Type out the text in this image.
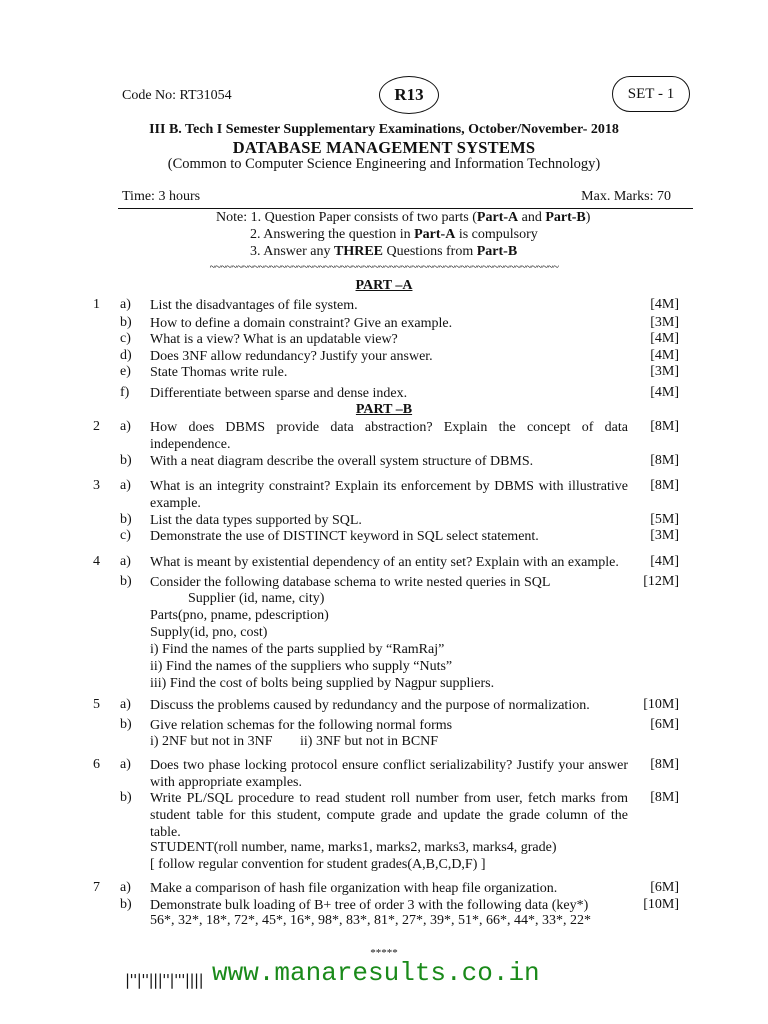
Code No: RT31054	R13	SET - 1
III B. Tech I Semester Supplementary Examinations, October/November- 2018
DATABASE MANAGEMENT SYSTEMS
(Common to Computer Science Engineering and Information Technology)
Time: 3 hours	Max. Marks: 70
Note: 1. Question Paper consists of two parts (Part-A and Part-B)
2. Answering the question in Part-A is compulsory
3. Answer any THREE Questions from Part-B
~~~~~~~~~~~~~~~~~~~~~~~~~~~~~~~~~~~~~~~~~~~~~~~~~~~~~~~~~~~~~~~~
PART –A
1 a) List the disadvantages of file system.	[4M]
b) How to define a domain constraint? Give an example.	[3M]
c) What is a view? What is an updatable view?	[4M]
d) Does 3NF allow redundancy? Justify your answer.	[4M]
e) State Thomas write rule.	[3M]
f) Differentiate between sparse and dense index.	[4M]
PART –B
2 a) How does DBMS provide data abstraction? Explain the concept of data independence.
[8M]
b) With a neat diagram describe the overall system structure of DBMS.	[8M]
3 a) What is an integrity constraint? Explain its enforcement by DBMS with illustrative example.
[8M]
b) List the data types supported by SQL.	[5M]
c) Demonstrate the use of DISTINCT keyword in SQL select statement.	[3M]
4 a) What is meant by existential dependency of an entity set? Explain with an example.	[4M]
b) Consider the following database schema to write nested queries in SQL	[12M]
Supplier (id, name, city)
Parts(pno, pname, pdescription)
Supply(id, pno, cost)
i) Find the names of the parts supplied by “RamRaj”
ii) Find the names of the suppliers who supply “Nuts”
iii) Find the cost of bolts being supplied by Nagpur suppliers.
5 a) Discuss the problems caused by redundancy and the purpose of normalization.	[10M]
b) Give relation schemas for the following normal forms	[6M]
i) 2NF but not in 3NF ii) 3NF but not in BCNF
6 a) Does two phase locking protocol ensure conflict serializability? Justify your answer with appropriate examples.
[8M]
b) Write PL/SQL procedure to read student roll number from user, fetch marks from student table for this student, compute grade and update the grade column of the table.
[8M]
STUDENT(roll number, name, marks1, marks2, marks3, marks4, grade)
[ follow regular convention for student grades(A,B,C,D,F) ]
7 a) Make a comparison of hash file organization with heap file organization.	[6M]
b) Demonstrate bulk loading of B+ tree of order 3 with the following data (key*)	[10M]
56*, 32*, 18*, 72*, 45*, 16*, 98*, 83*, 81*, 27*, 39*, 51*, 66*, 44*, 33*, 22*
*****
|''|''|||''|'''|||| www.manaresults.co.in
